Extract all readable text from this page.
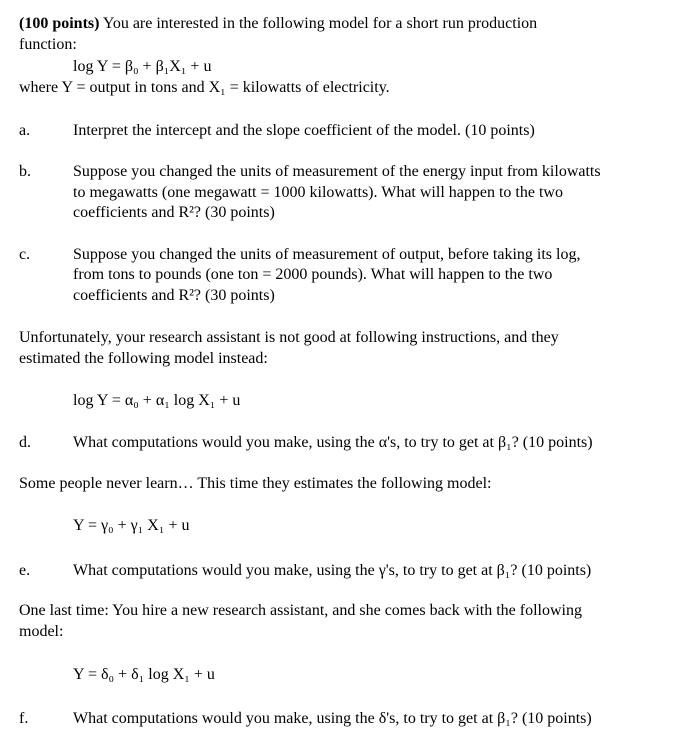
(100 points) You are interested in the following model for a short run production
function:
log Y = β₀ + β₁X₁ + u
where Y = output in tons and X₁ = kilowatts of electricity.
a.	Interpret the intercept and the slope coefficient of the model. (10 points)
b.	Suppose you changed the units of measurement of the energy input from kilowatts
to megawatts (one megawatt = 1000 kilowatts). What will happen to the two
coefficients and R²? (30 points)
c.	Suppose you changed the units of measurement of output, before taking its log,
from tons to pounds (one ton = 2000 pounds). What will happen to the two
coefficients and R²? (30 points)
Unfortunately, your research assistant is not good at following instructions, and they
estimated the following model instead:
log Y = α₀ + α₁ log X₁ + u
d.	What computations would you make, using the α's, to try to get at β₁? (10 points)
Some people never learn… This time they estimates the following model:
Y = γ₀ + γ₁ X₁ + u
e.	What computations would you make, using the γ's, to try to get at β₁? (10 points)
One last time: You hire a new research assistant, and she comes back with the following
model:
Y = δ₀ + δ₁ log X₁ + u
f.	What computations would you make, using the δ's, to try to get at β₁? (10 points)
